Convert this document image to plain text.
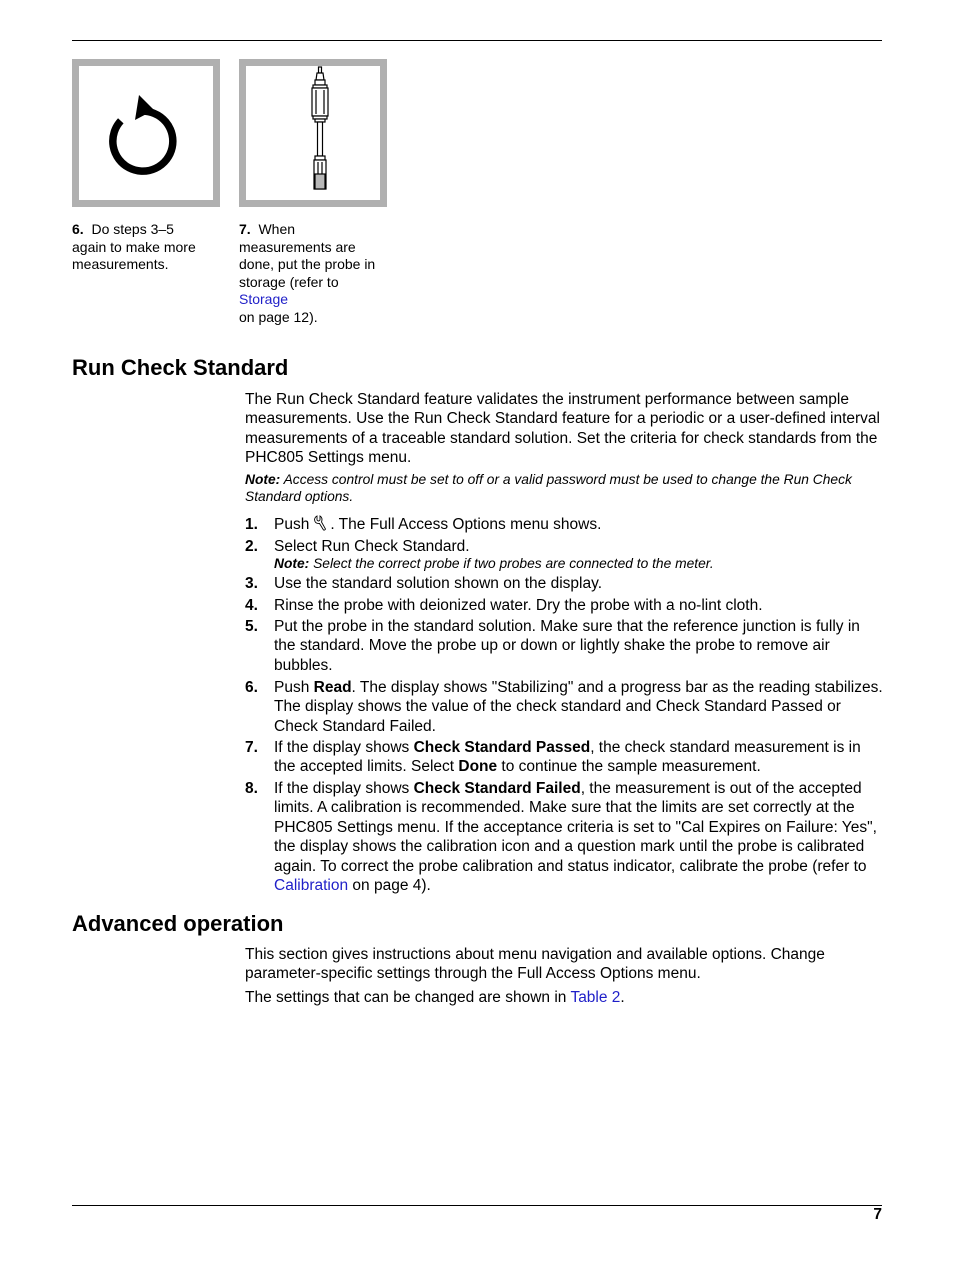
6. Do steps 3–5 again to make more measurements.
7. When measurements are done, put the probe in storage (refer to Storage
on page 12).
Run Check Standard

The Run Check Standard feature validates the instrument performance between sample measurements. Use the Run Check Standard feature for a periodic or a user-defined interval measurements of a traceable standard solution. Set the criteria for check standards from the PHC805 Settings menu.

Note: Access control must be set to off or a valid password must be used to change the Run Check Standard options.

1. Push . The Full Access Options menu shows.
2. Select Run Check Standard.
Note: Select the correct probe if two probes are connected to the meter.
3. Use the standard solution shown on the display.
4. Rinse the probe with deionized water. Dry the probe with a no-lint cloth.
5. Put the probe in the standard solution. Make sure that the reference junction is fully in the standard. Move the probe up or down or lightly shake the probe to remove air bubbles.
6. Push Read. The display shows "Stabilizing" and a progress bar as the reading stabilizes. The display shows the value of the check standard and Check Standard Passed or Check Standard Failed.
7. If the display shows Check Standard Passed, the check standard measurement is in the accepted limits. Select Done to continue the sample measurement.
8. If the display shows Check Standard Failed, the measurement is out of the accepted limits. A calibration is recommended. Make sure that the limits are set correctly at the PHC805 Settings menu. If the acceptance criteria is set to "Cal Expires on Failure: Yes", the display shows the calibration icon and a question mark until the probe is calibrated again. To correct the probe calibration and status indicator, calibrate the probe (refer to Calibration on page 4).
Advanced operation

This section gives instructions about menu navigation and available options. Change parameter-specific settings through the Full Access Options menu.

The settings that can be changed are shown in Table 2.

7
